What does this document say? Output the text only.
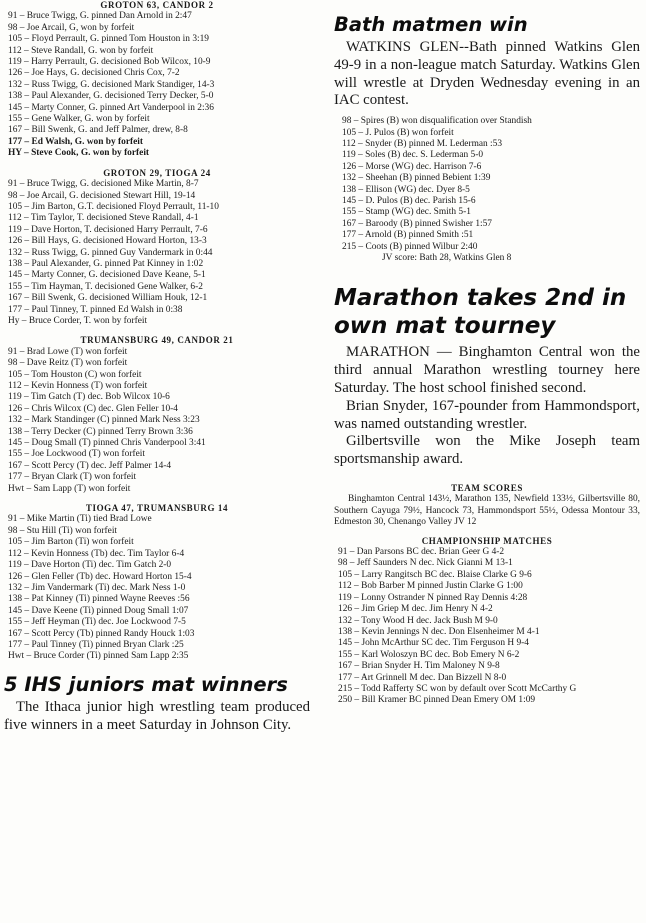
GROTON 63, CANDOR 2
91 – Bruce Twigg, G. pinned Dan Arnold in 2:47
98 – Joe Arcail, G, won by forfeit
105 – Floyd Perrault, G. pinned Tom Houston in 3:19
112 – Steve Randall, G. won by forfeit
119 – Harry Perrault, G. decisioned Bob Wilcox, 10-9
126 – Joe Hays, G. decisioned Chris Cox, 7-2
132 – Russ Twigg, G. decisioned Mark Standiger, 14-3
138 – Paul Alexander, G. decisioned Terry Decker, 5-0
145 – Marty Conner, G. pinned Art Vanderpool in 2:36
155 – Gene Walker, G. won by forfeit
167 – Bill Swenk, G. and Jeff Palmer, drew, 8-8
177 – Ed Walsh, G. won by forfeit
HY – Steve Cook, G. won by forfeit
GROTON 29, TIOGA 24
91 – Bruce Twigg, G. decisioned Mike Martin, 8-7
98 – Joe Arcail, G. decisioned Stewart Hill, 19-14
105 – Jim Barton, G.T. decisioned Floyd Perrault, 11-10
112 – Tim Taylor, T. decisioned Steve Randall, 4-1
119 – Dave Horton, T. decisioned Harry Perrault, 7-6
126 – Bill Hays, G. decisioned Howard Horton, 13-3
132 – Russ Twigg, G. pinned Guy Vandermark in 0:44
138 – Paul Alexander, G. pinned Pat Kinney in 1:02
145 – Marty Conner, G. decisioned Dave Keane, 5-1
155 – Tim Hayman, T. decisioned Gene Walker, 6-2
167 – Bill Swenk, G. decisioned William Houk, 12-1
177 – Paul Tinney, T. pinned Ed Walsh in 0:38
Hy – Bruce Corder, T. won by forfeit
TRUMANSBURG 49, CANDOR 21
91 – Brad Lowe (T) won forfeit
98 – Dave Reitz (T) won forfeit
105 – Tom Houston (C) won forfeit
112 – Kevin Honness (T) won forfeit
119 – Tim Gatch (T) dec. Bob Wilcox 10-6
126 – Chris Wilcox (C) dec. Glen Feller 10-4
132 – Mark Standinger (C) pinned Mark Ness 3:23
138 – Terry Decker (C) pinned Terry Brown 3:36
145 – Doug Small (T) pinned Chris Vanderpool 3:41
155 – Joe Lockwood (T) won forfeit
167 – Scott Percy (T) dec. Jeff Palmer 14-4
177 – Bryan Clark (T) won forfeit
Hwt – Sam Lapp (T) won forfeit
TIOGA 47, TRUMANSBURG 14
91 – Mike Martin (Ti) tied Brad Lowe
98 – Stu Hill (Ti) won forfeit
105 – Jim Barton (Ti) won forfeit
112 – Kevin Honness (Tb) dec. Tim Taylor 6-4
119 – Dave Horton (Ti) dec. Tim Gatch 2-0
126 – Glen Feller (Tb) dec. Howard Horton 15-4
132 – Jim Vandermark (Ti) dec. Mark Ness 1-0
138 – Pat Kinney (Ti) pinned Wayne Reeves :56
145 – Dave Keene (Ti) pinned Doug Small 1:07
155 – Jeff Heyman (Ti) dec. Joe Lockwood 7-5
167 – Scott Percy (Tb) pinned Randy Houck 1:03
177 – Paul Tinney (Ti) pinned Bryan Clark :25
Hwt – Bruce Corder (Ti) pinned Sam Lapp 2:35
5 IHS juniors mat winners

The Ithaca junior high wrestling team produced five winners in a meet Saturday in Johnson City.

Bath matmen win

WATKINS GLEN--Bath pinned Watkins Glen 49-9 in a non-league match Saturday. Watkins Glen will wrestle at Dryden Wednesday evening in an IAC contest.

98 – Spires (B) won disqualification over Standish
105 – J. Pulos (B) won forfeit
112 – Snyder (B) pinned M. Lederman :53
119 – Soles (B) dec. S. Lederman 5-0
126 – Morse (WG) dec. Harrison 7-6
132 – Sheehan (B) pinned Bebient 1:39
138 – Ellison (WG) dec. Dyer 8-5
145 – D. Pulos (B) dec. Parish 15-6
155 – Stamp (WG) dec. Smith 5-1
167 – Baroody (B) pinned Swisher 1:57
177 – Arnold (B) pinned Smith :51
215 – Coots (B) pinned Wilbur 2:40
JV score: Bath 28, Watkins Glen 8
Marathon takes 2nd in own mat tourney

MARATHON — Binghamton Central won the third annual Marathon wrestling tourney here Saturday. The host school finished second.

Brian Snyder, 167-pounder from Hammondsport, was named outstanding wrestler.

Gilbertsville won the Mike Joseph team sportsmanship award.

TEAM SCORES
Binghamton Central 143½, Marathon 135, Newfield 133½, Gilbertsville 80, Southern Cayuga 79½, Hancock 73, Hammondsport 55½, Odessa Montour 33, Edmeston 30, Chenango Valley JV 12
CHAMPIONSHIP MATCHES
91 – Dan Parsons BC dec. Brian Geer G 4-2
98 – Jeff Saunders N dec. Nick Gianni M 13-1
105 – Larry Rangitsch BC dec. Blaise Clarke G 9-6
112 – Bob Barber M pinned Justin Clarke G 1:00
119 – Lonny Ostrander N pinned Ray Dennis 4:28
126 – Jim Griep M dec. Jim Henry N 4-2
132 – Tony Wood H dec. Jack Bush M 9-0
138 – Kevin Jennings N dec. Don Elsenheimer M 4-1
145 – John McArthur SC dec. Tim Ferguson H 9-4
155 – Karl Woloszyn BC dec. Bob Emery N 6-2
167 – Brian Snyder H. Tim Maloney N 9-8
177 – Art Grinnell M dec. Dan Bizzell N 8-0
215 – Todd Rafferty SC won by default over Scott McCarthy G
250 – Bill Kramer BC pinned Dean Emery OM 1:09
